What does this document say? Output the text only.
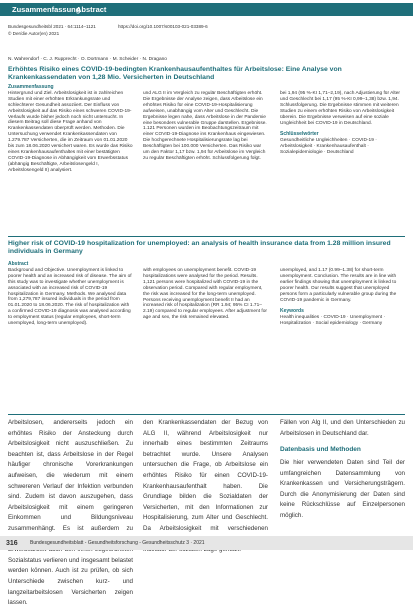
Zusammenfassung
Abstract
Bundesgesundheitsbl 2021 · 64:1114–1121	https://doi.org/10.1007/s00103-021-03389-6
© Der/die Autor(en) 2021
N. Wahrendorf · C. J. Rupprecht · O. Dortmann · M. Scheider · N. Dragano
Erhöhtes Risiko eines COVID-19-bedingten Krankenhausaufenthaltes für Arbeitslose: Eine Analyse von Krankenkassendaten von 1,28 Mio. Versicherten in Deutschland
Zusammenfassung
Hintergrund und Ziel. Arbeitslosigkeit ist in zahlreichen Studien mit einer erhöhten Erkrankungsrate und schlechterer Gesundheit assoziiert. Der Einfluss von Arbeitslosigkeit auf das Risiko eines schweren COVID-19-Verlaufs wurde bisher jedoch noch nicht untersucht. In diesem Beitrag soll diese Frage anhand von Krankenkassendaten überprüft werden. Methoden. Die Untersuchung verwendet Krankenkassendaten von 1.279.787 Versicherten, die im Zeitraum von 01.01.2020 bis zum 18.06.2020 versichert waren. Es wurde das Risiko eines Krankenhausaufenthaltes mit einer bestätigten COVID-19-Diagnose in Abhängigkeit vom Erwerbsstatus (abhängig Beschäftigte, Arbeitslosengeld I, Arbeitslosengeld II) analysiert.
und ALG II im Vergleich zu regulär Beschäftigten erhöht. Die Ergebnisse der Analyse zeigen, dass Arbeitslose ein erhöhtes Risiko für eine COVID-19-Hospitalisierung aufweisen, unabhängig vom Alter und Geschlecht. Die Ergebnisse legen nahe, dass Arbeitslose in der Pandemie eine besonders vulnerable Gruppe darstellen. Ergebnisse. 1.121 Personen wurden im Beobachtungszeitraum mit einer COVID-19-Diagnose ins Krankenhaus eingewiesen. Die hochgerechnete Hospitalisierungsrate lag bei Beschäftigten bei 100.000 Versicherten. Das Risiko war um den Faktor 1,17 bzw. 1,94 für Arbeitslose im Vergleich zu regulär Beschäftigten erhöht. Schlussfolgerung folgt.
bei 1,94 (95 %-KI 1,71–2,19), nach Adjustierung für Alter und Geschlecht bei 1,17 (95 %-KI 0,99–1,38) bzw. 1,94. Schlussfolgerung. Die Ergebnisse stimmen mit weiteren Studien zu einem erhöhten Risiko von Arbeitslosigkeit überein. Die Ergebnisse verweisen auf eine soziale Ungleichheit bei COVID-19 in Deutschland.
Schlüsselwörter
Gesundheitliche Ungleichheiten · COVID-19 · Arbeitslosigkeit · Krankenhausaufenthalt · Sozialepidemiologie · Deutschland
Higher risk of COVID-19 hospitalization for unemployed: an analysis of health insurance data from 1.28 million insured individuals in Germany
Abstract
Background and Objective. Unemployment is linked to poorer health and an increased risk of disease. The aim of this study was to investigate whether unemployment is associated with an increased risk of COVID-19 hospitalization in Germany. Methods. We analysed data from 1,279,787 insured individuals in the period from 01.01.2020 to 18.06.2020. The risk of hospitalization with a confirmed COVID-19 diagnosis was analysed according to employment status (regular employees, short-term unemployed, long-term unemployed).
with employees on unemployment benefit. COVID-19 hospitalizations were analysed for the period. Results. 1,121 persons were hospitalized with COVID-19 in the observation period. Compared with regular employment, the risk was increased for the long-term unemployed. Persons receiving unemployment benefit II had an increased risk of hospitalization (RR 1.94; 95% CI 1.71–2.19) compared to regular employees. After adjustment for age and sex, the risk remained elevated.
unemployed, and 1.17 (0.99–1.38) for short-term unemployment. Conclusion. The results are in line with earlier findings showing that unemployment is linked to poorer health. Our results suggest that unemployed persons form a particularly vulnerable group during the COVID-19 pandemic in Germany.
Keywords
Health inequalities · COVID-19 · Unemployment · Hospitalization · Social epidemiology · Germany
Arbeitslosen, andererseits jedoch ein erhöhtes Risiko der Ansteckung durch Arbeitslosigkeit nicht auszuschließen. Zu beachten ist, dass Arbeitslose in der Regel häufiger chronische Vorerkrankungen aufweisen, die wiederum mit einem schwereren Verlauf der Infektion verbunden sind. Zudem ist davon auszugehen, dass Arbeitslosigkeit mit einem geringeren Einkommen und Bildungsniveau zusammenhängt. Es ist außerdem zu Sozialstatus verlieren und insgesamt belastet werden können. Auch ist zu prüfen, ob sich Unterschiede zwischen kurz- und langzeitarbeitslosen Versicherten zeigen lassen.
den Krankenkassendaten der Bezug von ALG II, während Arbeitslosigkeit nur innerhalb eines bestimmten Zeitraums betrachtet wurde. Unsere Analysen untersuchen die Frage, ob Arbeitslose ein erhöhtes Risiko für einen COVID-19-Krankenhausaufenthalt haben. Die Grundlage bilden die Sozialdaten der Versicherten, mit den Informationen zur Hospitalisierung, zum Alter und Geschlecht. Da Arbeitslosigkeit mit verschiedenen
Fällen von Alg II, und den Unterschieden zu Arbeitslosen in Deutschland dar.
Datenbasis und Methoden
Die hier verwendeten Daten sind Teil der umfangreichen Datensammlung von Krankenkassen und Versicherungsträgern. Durch die Anonymisierung der Daten sind keine Rückschlüsse auf Einzelpersonen möglich.
316 Bundesgesundheitsblatt - Gesundheitsforschung - Gesundheitsschutz 3 · 2021
